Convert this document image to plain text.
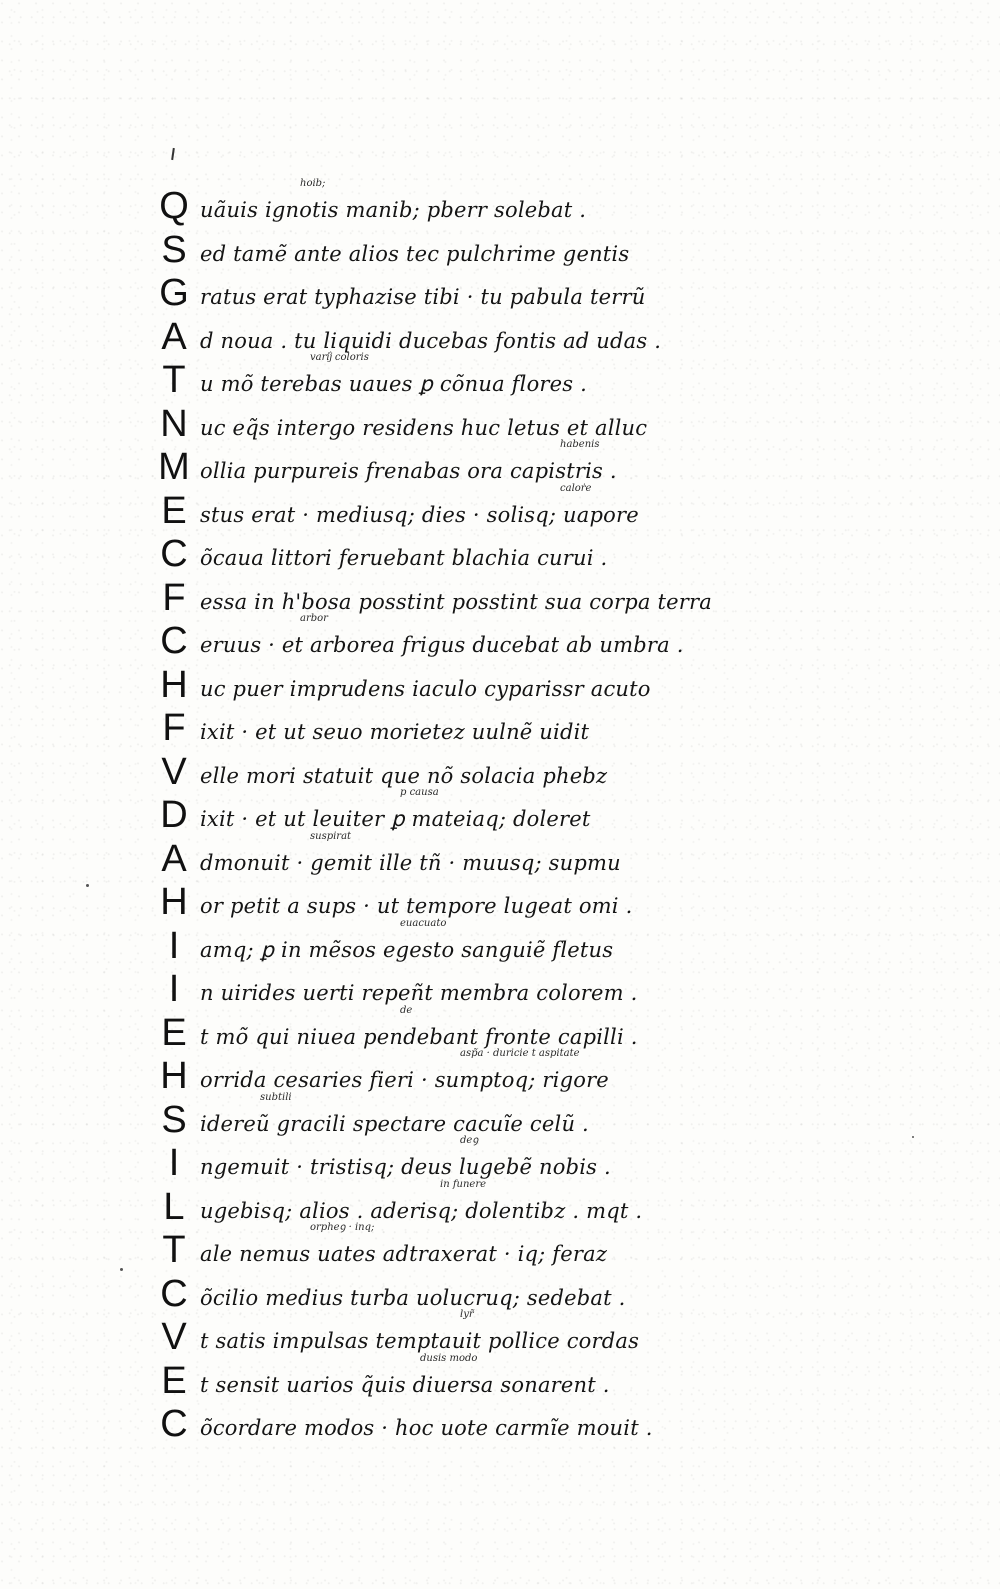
Q uãuis ignotis manib; pberr solebat .
hoib;
S ed tamẽ ante alios tec pulchrime gentis
G ratus erat typhazise tibi · tu pabula terrũ
A d noua . tu liquidi ducebas fontis ad udas .
T u mõ terebas uaues ꝑ cõnua flores .
varĳ́ coloris
N uc eq̃s intergo residens huc letus et alluc
M ollia purpureis frenabas ora capistris .
habenis
E stus erat · mediusq; dies · solisq; uapore
caloṙe
C õcaua littori feruebant blachia curui .
F essa in h'bosa posstint posstint sua corpa terra
C eruus · et arborea frigus ducebat ab umbra .
arbor
H uc puer imprudens iaculo cyparissr acuto
F ixit · et ut seuo morietez uulnẽ uidit
V elle mori statuit que nõ solacia phebz
D ixit · et ut leuiter ꝑ mateiaq; doleret
p causa
A dmonuit · gemit ille tñ · muusq; supmu
suspirat
H or petit a sups · ut tempore lugeat omi .
I amq; ꝑ in mẽsos egesto sanguiẽ fletus
euacuato
I n uirides uerti repeñt membra colorem .
E t mõ qui niuea pendebant fronte capilli .
de
H orrida cesaries fieri · sumptoq; rigore
asp̃a · duricie t aspitate
S idereũ gracili spectare cacuĩe celũ .
subtili
I ngemuit · tristisq; deus lugebẽ nobis .
deꝯ
L ugebisq; alios . aderisq; dolentibz . mqt .
in funere
T ale nemus uates adtraxerat · iq; feraz
orpheꝯ · inq;
C õcilio medius turba uolucruq; sedebat .
V t satis impulsas temptauit pollice cordas
lyr̃
E t sensit uarios q̃uis diuersa sonarent .
dusis modo
C õcordare modos · hoc uote carmĩe mouit .
